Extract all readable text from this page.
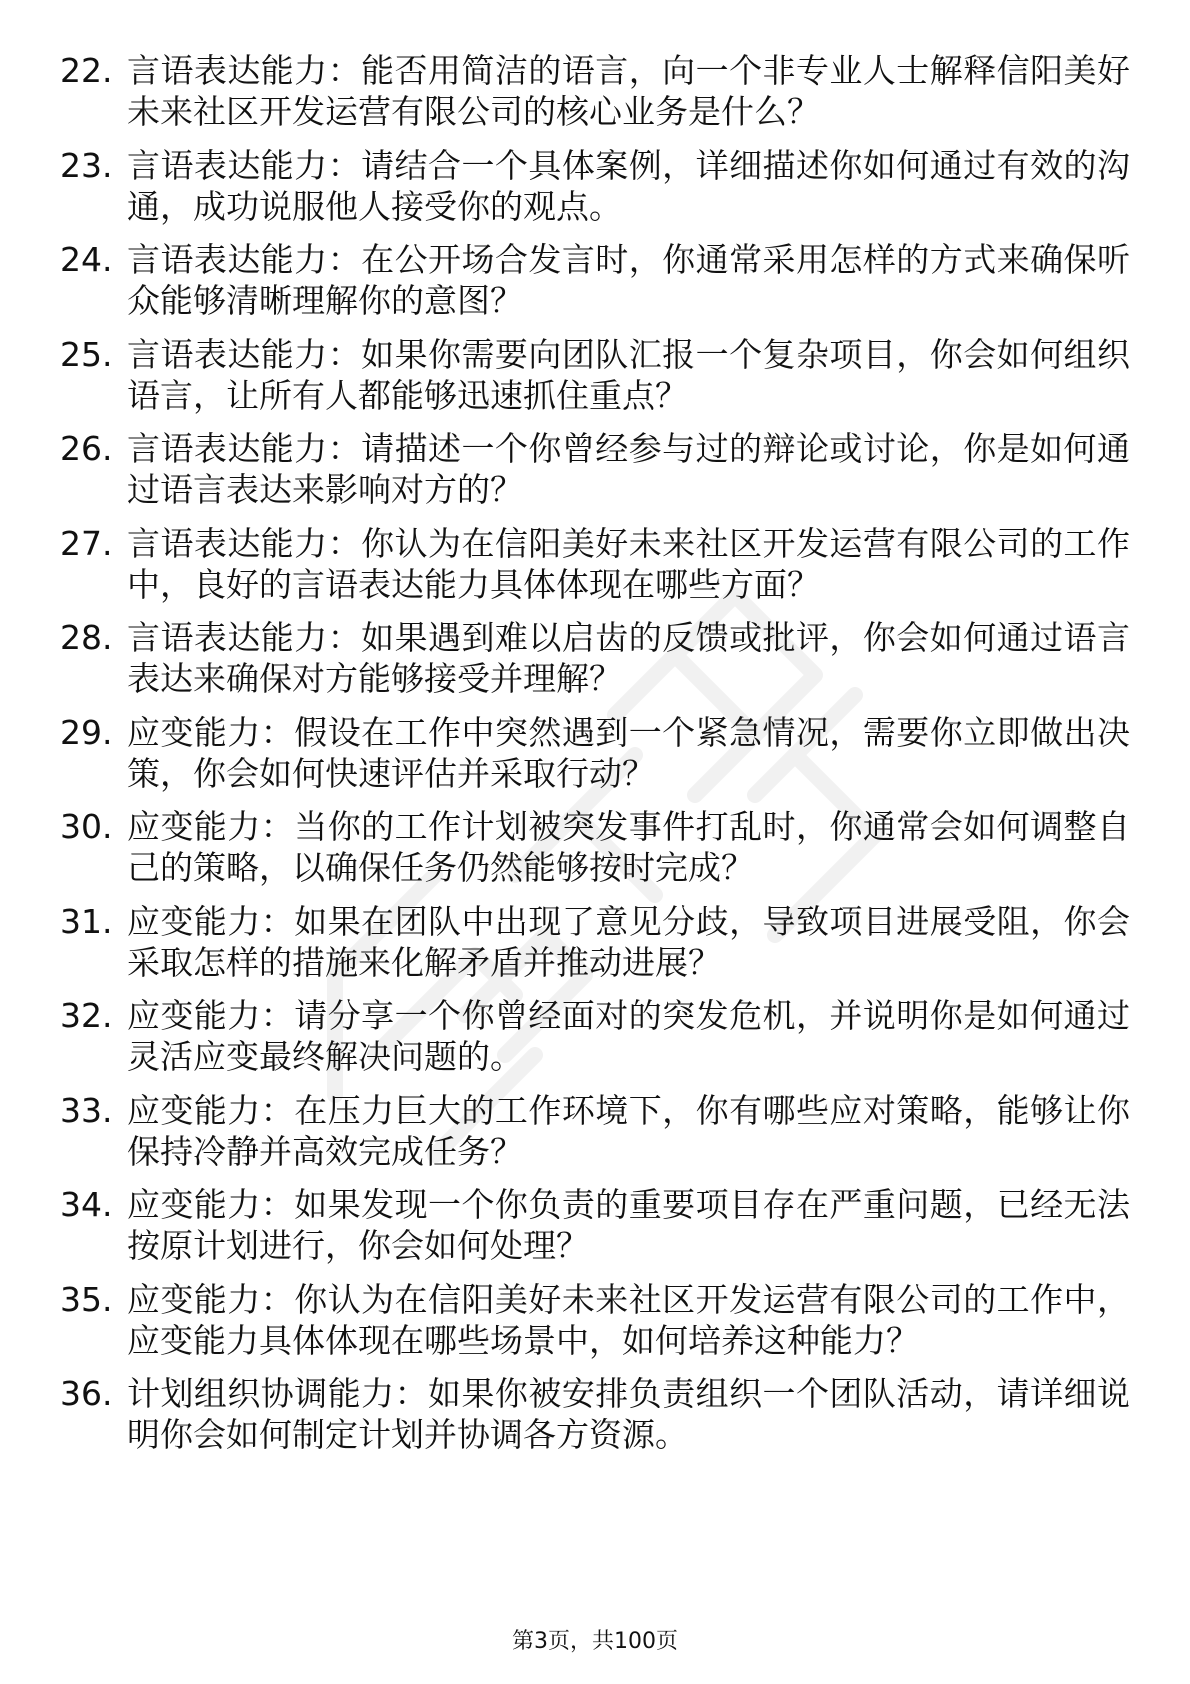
22. 言语表达能力：能否用简洁的语言，向一个非专业人士解释信阳美好未来社区开发运营有限公司的核心业务是什么？
23. 言语表达能力：请结合一个具体案例，详细描述你如何通过有效的沟通，成功说服他人接受你的观点。
24. 言语表达能力：在公开场合发言时，你通常采用怎样的方式来确保听众能够清晰理解你的意图？
25. 言语表达能力：如果你需要向团队汇报一个复杂项目，你会如何组织语言，让所有人都能够迅速抓住重点？
26. 言语表达能力：请描述一个你曾经参与过的辩论或讨论，你是如何通过语言表达来影响对方的？
27. 言语表达能力：你认为在信阳美好未来社区开发运营有限公司的工作中，良好的言语表达能力具体体现在哪些方面？
28. 言语表达能力：如果遇到难以启齿的反馈或批评，你会如何通过语言表达来确保对方能够接受并理解？
29. 应变能力：假设在工作中突然遇到一个紧急情况，需要你立即做出决策，你会如何快速评估并采取行动？
30. 应变能力：当你的工作计划被突发事件打乱时，你通常会如何调整自己的策略，以确保任务仍然能够按时完成？
31. 应变能力：如果在团队中出现了意见分歧，导致项目进展受阻，你会采取怎样的措施来化解矛盾并推动进展？
32. 应变能力：请分享一个你曾经面对的突发危机，并说明你是如何通过灵活应变最终解决问题的。
33. 应变能力：在压力巨大的工作环境下，你有哪些应对策略，能够让你保持冷静并高效完成任务？
34. 应变能力：如果发现一个你负责的重要项目存在严重问题，已经无法按原计划进行，你会如何处理？
35. 应变能力：你认为在信阳美好未来社区开发运营有限公司的工作中，应变能力具体体现在哪些场景中，如何培养这种能力？
36. 计划组织协调能力：如果你被安排负责组织一个团队活动，请详细说明你会如何制定计划并协调各方资源。
第3页，共100页
